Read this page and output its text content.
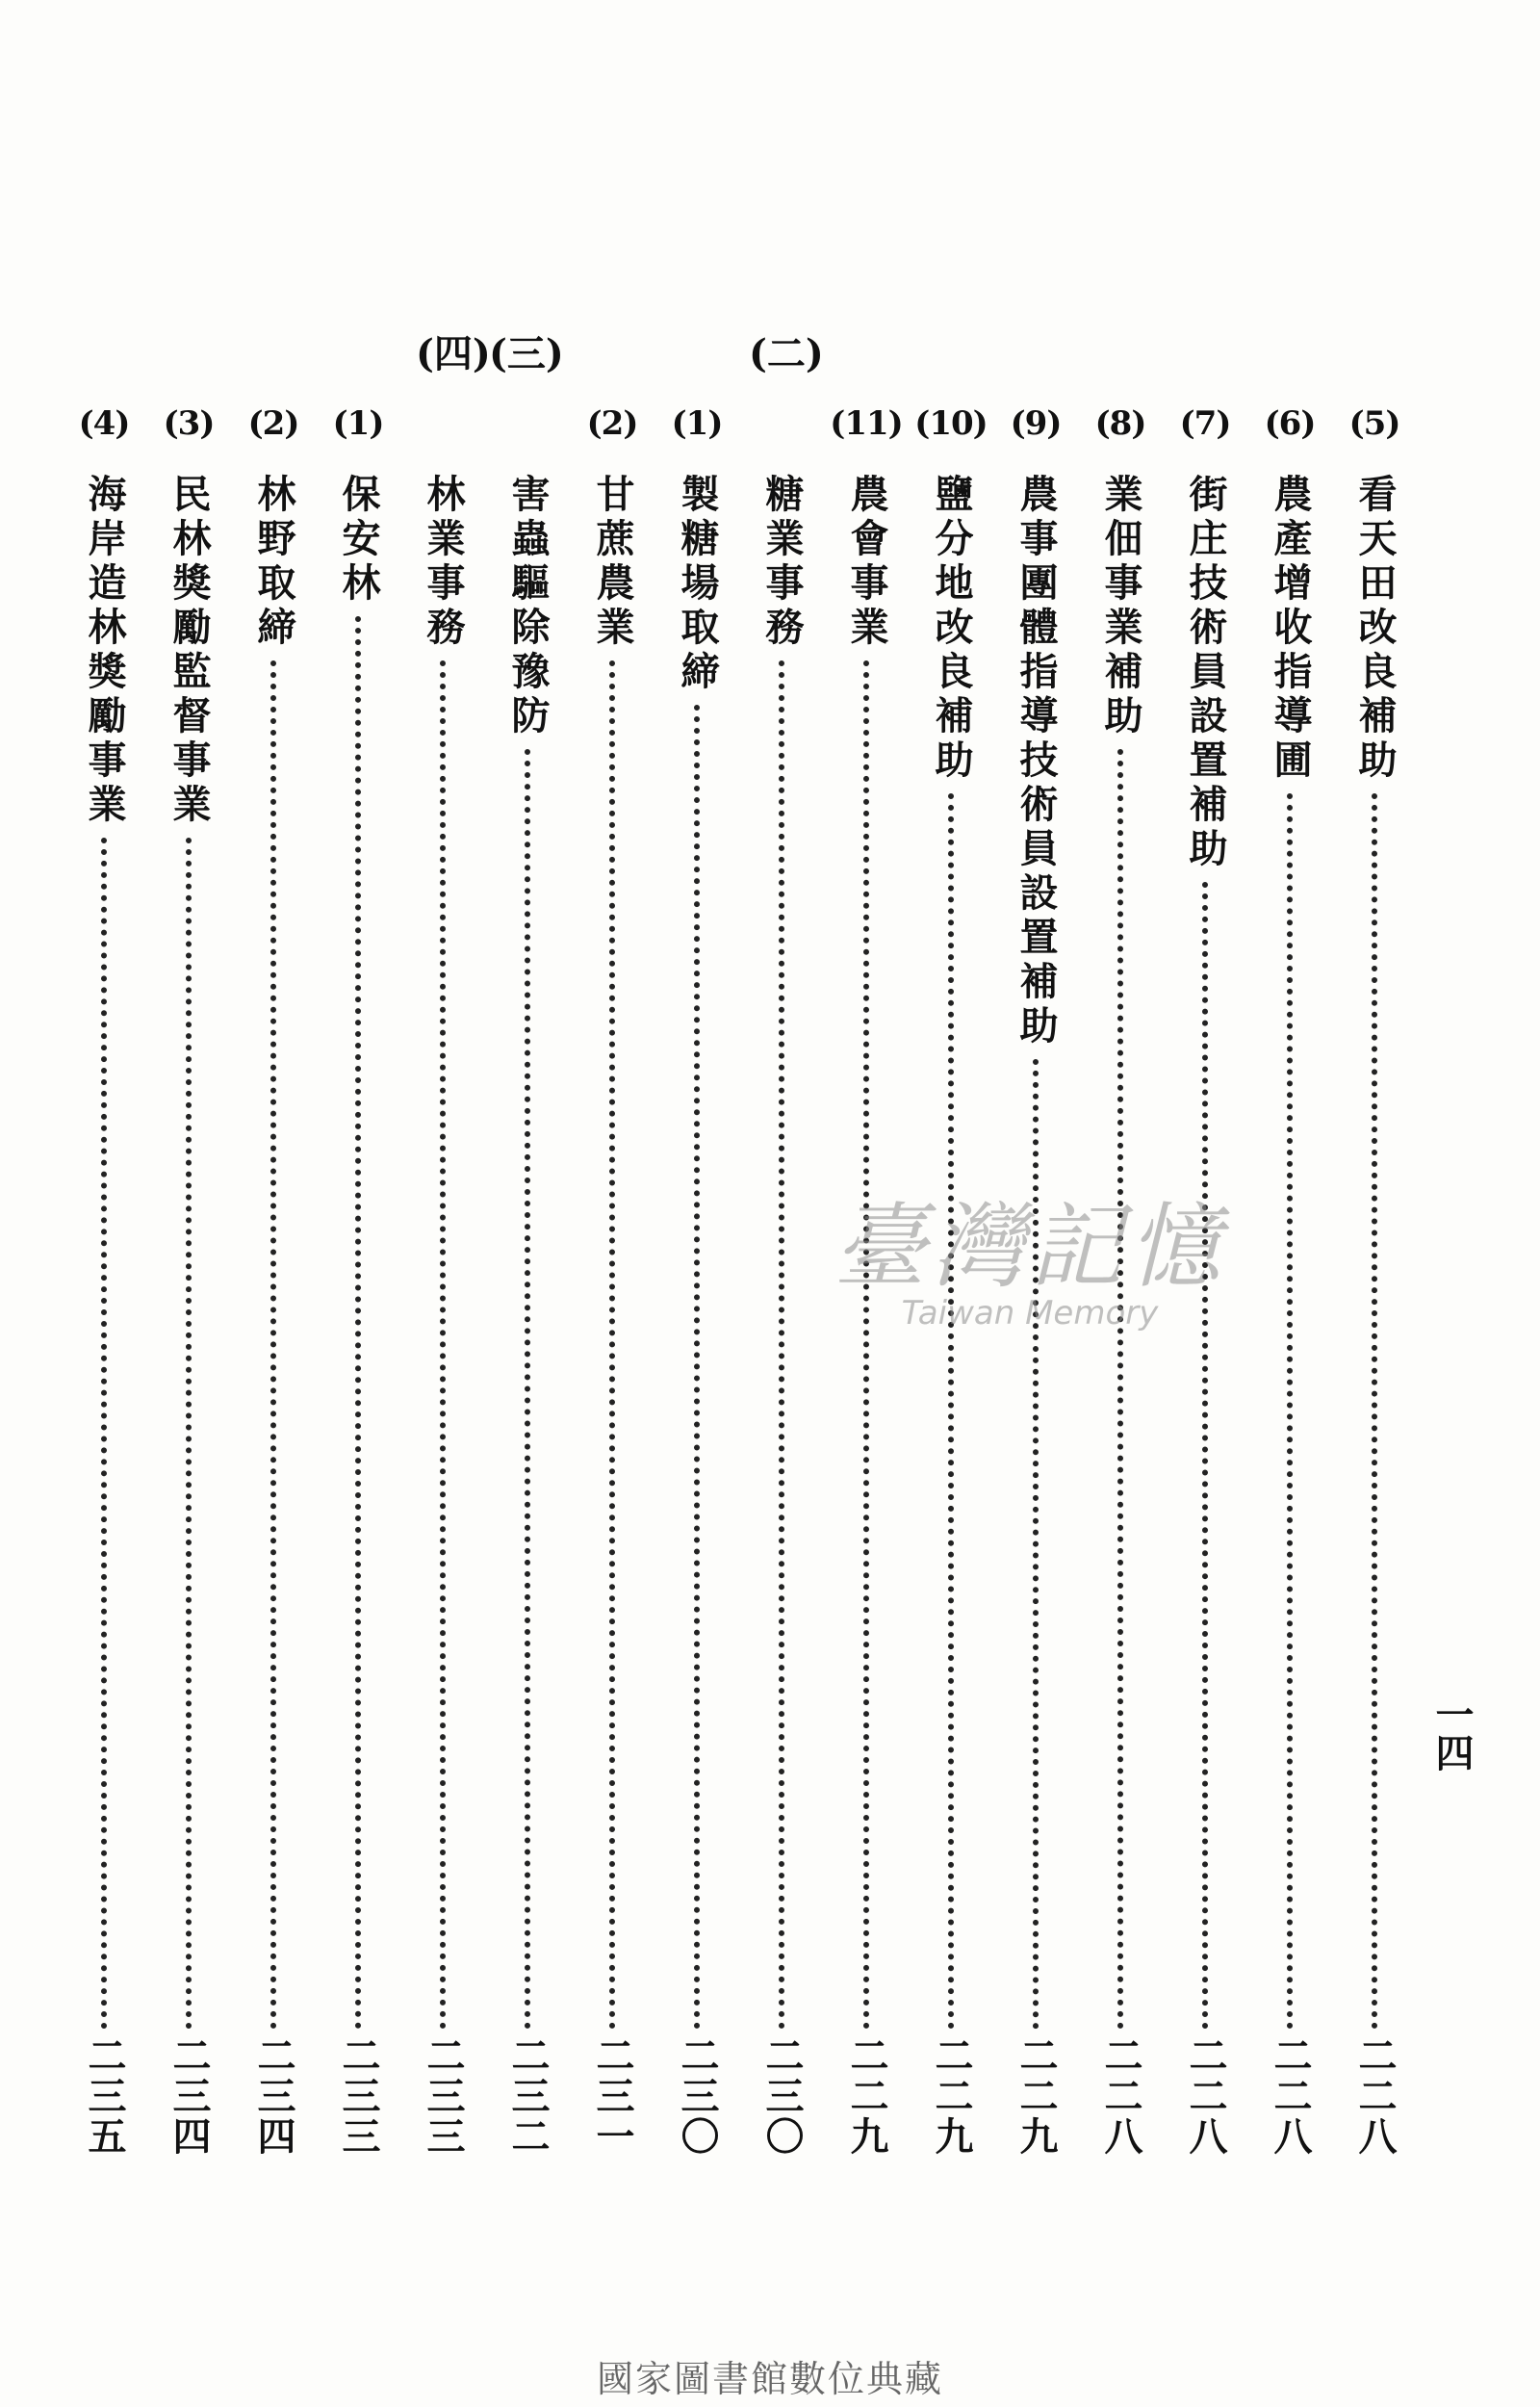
(四)
(三)	(二)
(5)
看天田改良補助
二二八
(6)
農產增收指導圃
二二八
(7)
街庄技術員設置補助
二二八
(8)
業佃事業補助
二二八
(9)
農事團體指導技術員設置補助
二二九
(10)
鹽分地改良補助
二二九
(11)
農會事業
二二九
糖業事務
二三〇
(1)
製糖場取締
二三〇
(2)
甘蔗農業
二三一
害蟲驅除豫防
二三二
林業事務
二三三
(1)
保安林
二三三
(2)
林野取締
二三四
(3)
民林獎勵監督事業
二三四
(4)
海岸造林獎勵事業
二三五
一四
臺灣記憶
Taiwan Memory
國家圖書館數位典藏
